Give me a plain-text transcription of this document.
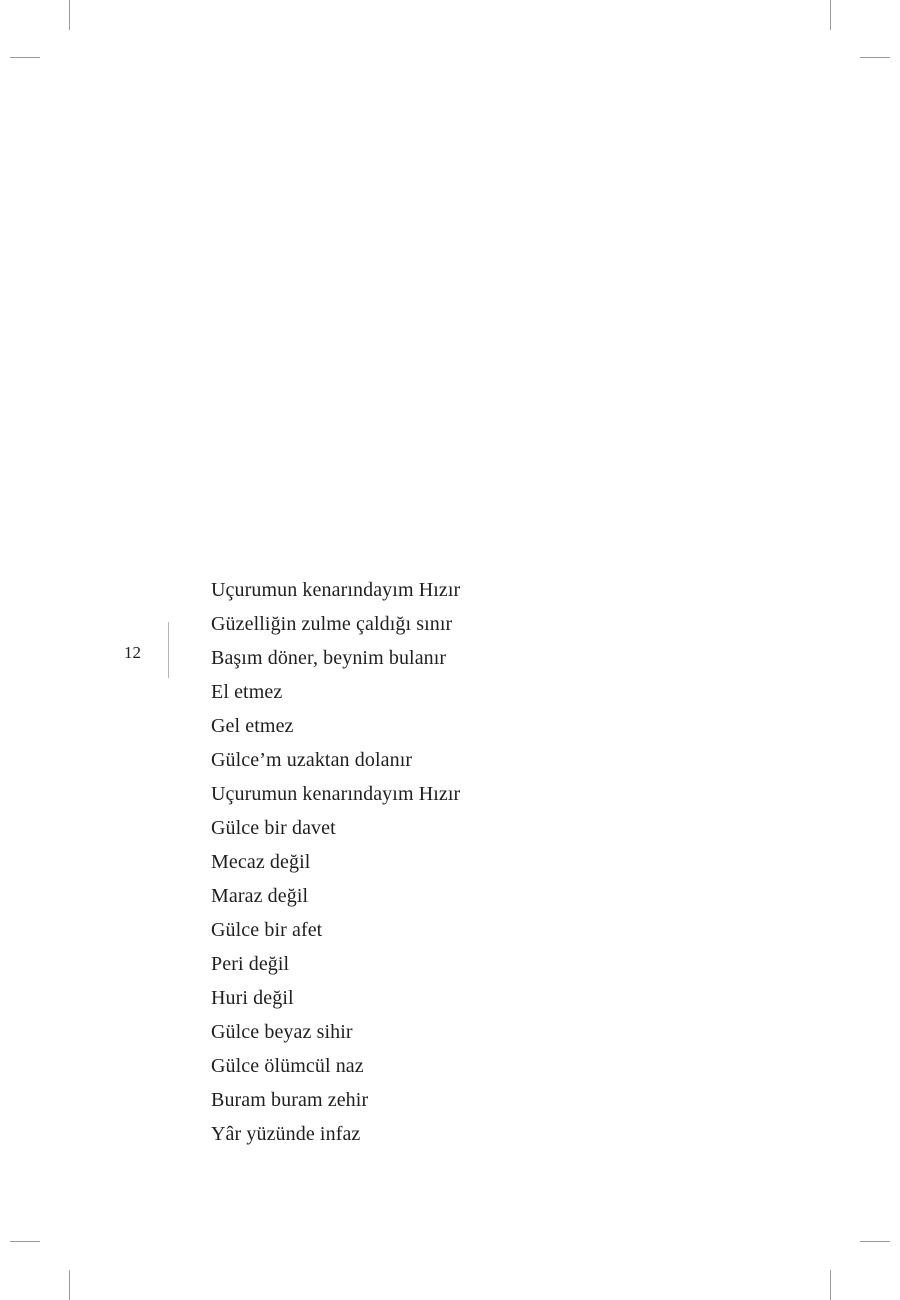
12
Uçurumun kenarındayım Hızır
Güzelliğin zulme çaldığı sınır
Başım döner, beynim bulanır
El etmez
Gel etmez
Gülce’m uzaktan dolanır
Uçurumun kenarındayım Hızır
Gülce bir davet
Mecaz değil
Maraz değil
Gülce bir afet
Peri değil
Huri değil
Gülce beyaz sihir
Gülce ölümcül naz
Buram buram zehir
Yâr yüzünde infaz
